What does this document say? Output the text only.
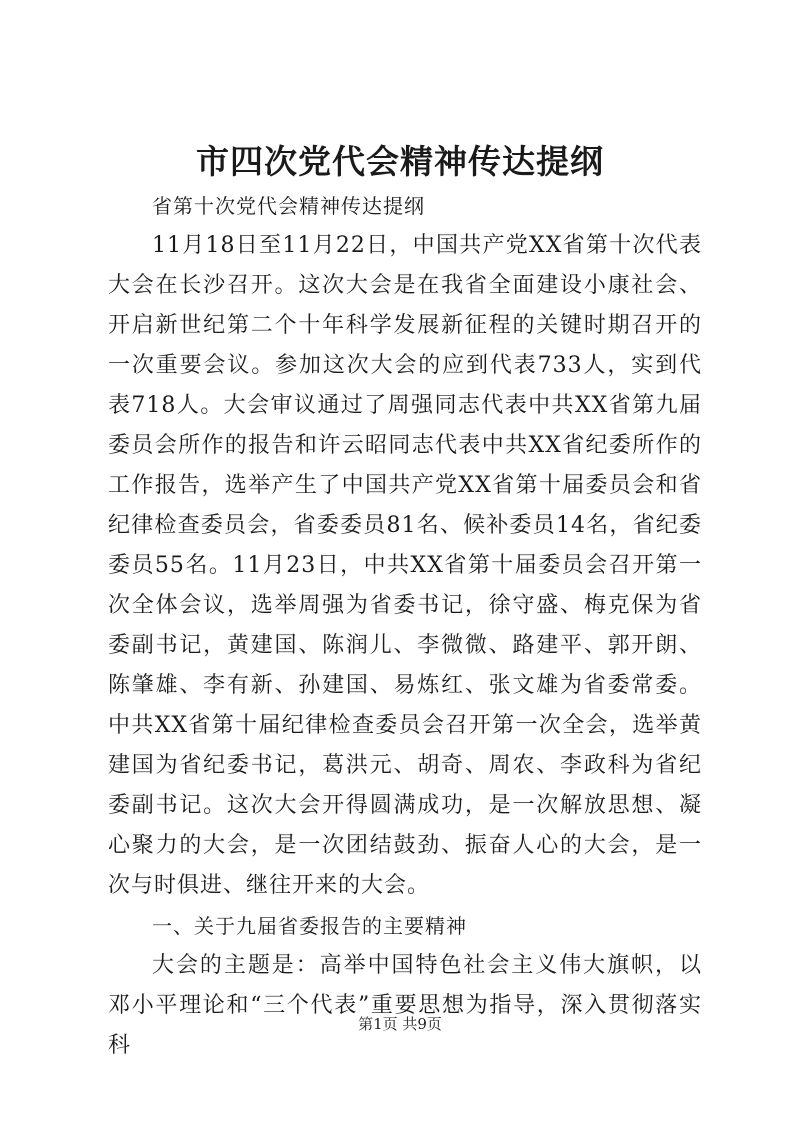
市四次党代会精神传达提纲

省第十次党代会精神传达提纲

11月18日至11月22日，中国共产党XX省第十次代表大会在长沙召开。这次大会是在我省全面建设小康社会、开启新世纪第二个十年科学发展新征程的关键时期召开的一次重要会议。参加这次大会的应到代表733人，实到代表718人。大会审议通过了周强同志代表中共XX省第九届委员会所作的报告和许云昭同志代表中共XX省纪委所作的工作报告，选举产生了中国共产党XX省第十届委员会和省纪律检查委员会，省委委员81名、候补委员14名，省纪委委员55名。11月23日，中共XX省第十届委员会召开第一次全体会议，选举周强为省委书记，徐守盛、梅克保为省委副书记，黄建国、陈润儿、李微微、路建平、郭开朗、陈肇雄、李有新、孙建国、易炼红、张文雄为省委常委。中共XX省第十届纪律检查委员会召开第一次全会，选举黄建国为省纪委书记，葛洪元、胡奇、周农、李政科为省纪委副书记。这次大会开得圆满成功，是一次解放思想、凝心聚力的大会，是一次团结鼓劲、振奋人心的大会，是一次与时俱进、继往开来的大会。

一、关于九届省委报告的主要精神

大会的主题是：高举中国特色社会主义伟大旗帜，以邓小平理论和“三个代表”重要思想为指导，深入贯彻落实科

第1页 共9页
